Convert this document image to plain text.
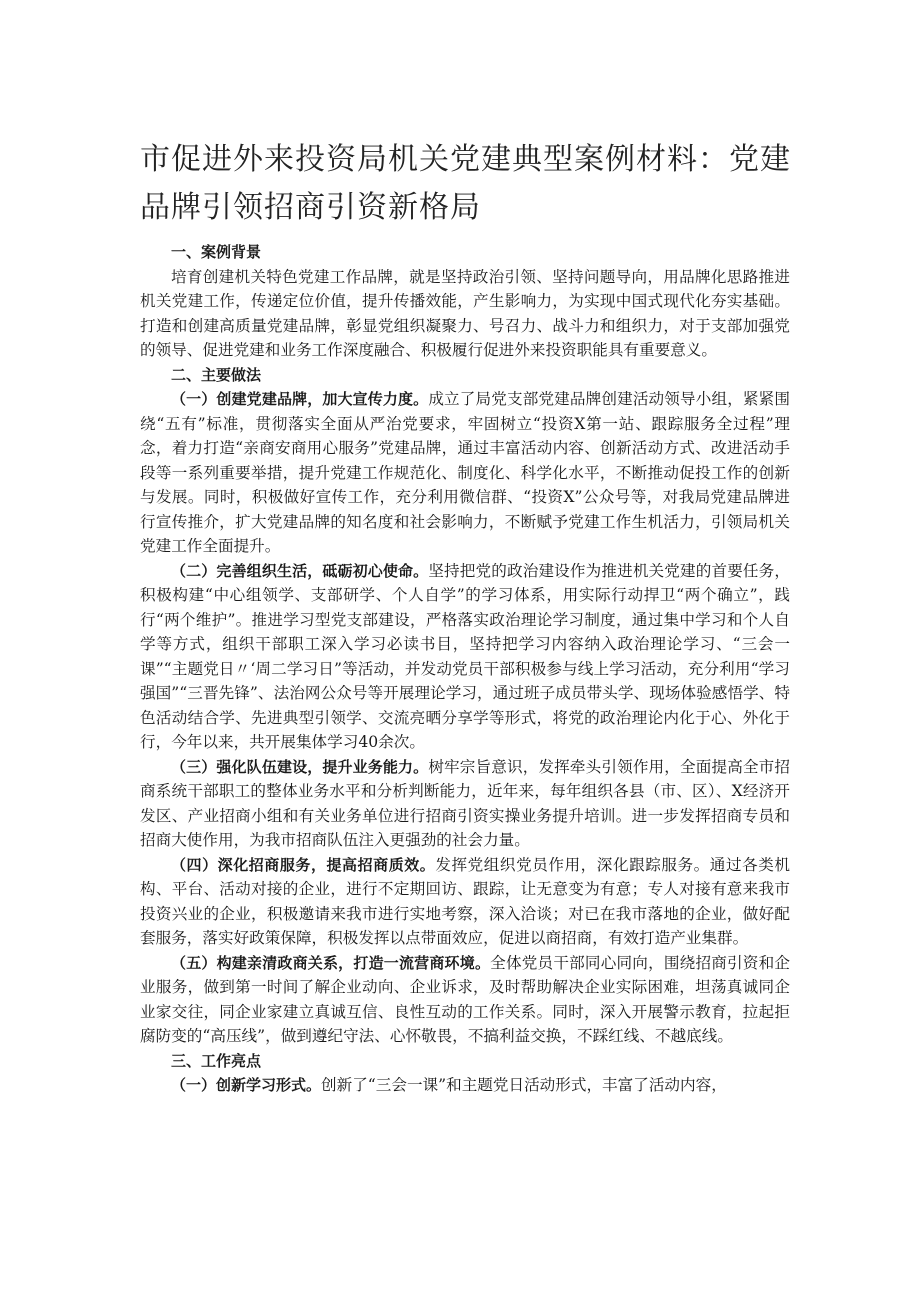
市促进外来投资局机关党建典型案例材料：党建品牌引领招商引资新格局
一、案例背景

培育创建机关特色党建工作品牌，就是坚持政治引领、坚持问题导向，用品牌化思路推进机关党建工作，传递定位价值，提升传播效能，产生影响力，为实现中国式现代化夯实基础。打造和创建高质量党建品牌，彰显党组织凝聚力、号召力、战斗力和组织力，对于支部加强党的领导、促进党建和业务工作深度融合、积极履行促进外来投资职能具有重要意义。

二、主要做法

（一）创建党建品牌，加大宣传力度。成立了局党支部党建品牌创建活动领导小组，紧紧围绕“五有”标准，贯彻落实全面从严治党要求，牢固树立“投资X第一站、跟踪服务全过程”理念，着力打造“亲商安商用心服务”党建品牌，通过丰富活动内容、创新活动方式、改进活动手段等一系列重要举措，提升党建工作规范化、制度化、科学化水平，不断推动促投工作的创新与发展。同时，积极做好宣传工作，充分利用微信群、“投资X”公众号等，对我局党建品牌进行宣传推介，扩大党建品牌的知名度和社会影响力，不断赋予党建工作生机活力，引领局机关党建工作全面提升。

（二）完善组织生活，砥砺初心使命。坚持把党的政治建设作为推进机关党建的首要任务，积极构建“中心组领学、支部研学、个人自学”的学习体系，用实际行动捍卫“两个确立”，践行“两个维护”。推进学习型党支部建设，严格落实政治理论学习制度，通过集中学习和个人自学等方式，组织干部职工深入学习必读书目，坚持把学习内容纳入政治理论学习、“三会一课”“主题党日〃‘周二学习日”等活动，并发动党员干部积极参与线上学习活动，充分利用“学习强国”“三晋先锋”、法治网公众号等开展理论学习，通过班子成员带头学、现场体验感悟学、特色活动结合学、先进典型引领学、交流亮晒分享学等形式，将党的政治理论内化于心、外化于行，今年以来，共开展集体学习40余次。

（三）强化队伍建设，提升业务能力。树牢宗旨意识，发挥牵头引领作用，全面提高全市招商系统干部职工的整体业务水平和分析判断能力，近年来，每年组织各县（市、区）、X经济开发区、产业招商小组和有关业务单位进行招商引资实操业务提升培训。进一步发挥招商专员和招商大使作用，为我市招商队伍注入更强劲的社会力量。

（四）深化招商服务，提高招商质效。发挥党组织党员作用，深化跟踪服务。通过各类机构、平台、活动对接的企业，进行不定期回访、跟踪，让无意变为有意；专人对接有意来我市投资兴业的企业，积极邀请来我市进行实地考察，深入洽谈；对已在我市落地的企业，做好配套服务，落实好政策保障，积极发挥以点带面效应，促进以商招商，有效打造产业集群。

（五）构建亲清政商关系，打造一流营商环境。全体党员干部同心同向，围绕招商引资和企业服务，做到第一时间了解企业动向、企业诉求，及时帮助解决企业实际困难，坦荡真诚同企业家交往，同企业家建立真诚互信、良性互动的工作关系。同时，深入开展警示教育，拉起拒腐防变的“高压线”，做到遵纪守法、心怀敬畏，不搞利益交换，不踩红线、不越底线。

三、工作亮点

（一）创新学习形式。创新了“三会一课”和主题党日活动形式，丰富了活动内容，
